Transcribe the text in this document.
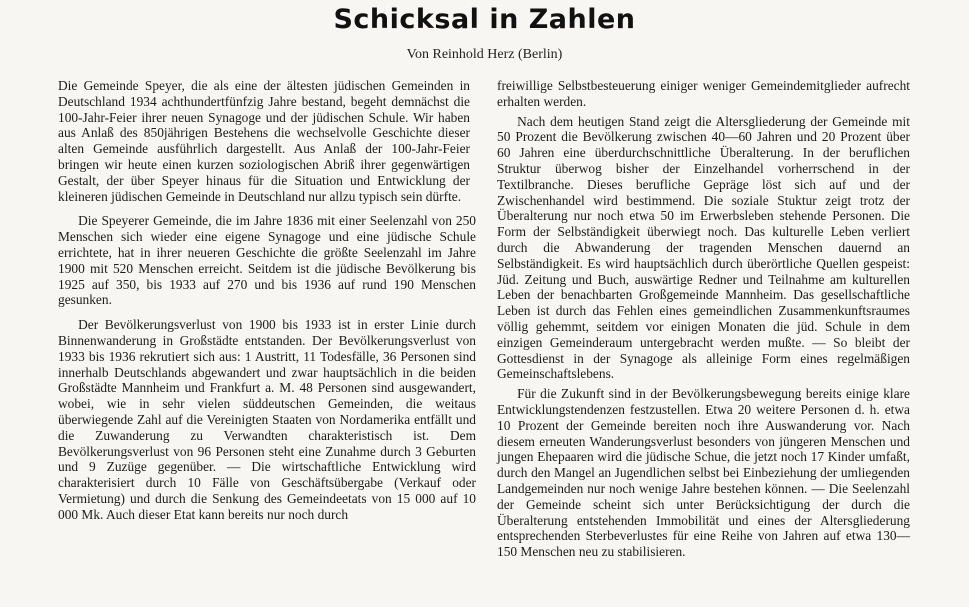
Schicksal in Zahlen
Von Reinhold Herz (Berlin)

Die Gemeinde Speyer, die als eine der ältesten jüdischen Gemeinden in Deutschland 1934 achthundertfünfzig Jahre bestand, begeht demnächst die 100-Jahr-Feier ihrer neuen Synagoge und der jüdischen Schule. Wir haben aus Anlaß des 850jährigen Bestehens die wechselvolle Geschichte dieser alten Gemeinde ausführlich dargestellt. Aus Anlaß der 100-Jahr-Feier bringen wir heute einen kurzen soziologischen Abriß ihrer gegenwärtigen Gestalt, der über Speyer hinaus für die Situation und Entwicklung der kleineren jüdischen Gemeinde in Deutschland nur allzu typisch sein dürfte.

Die Speyerer Gemeinde, die im Jahre 1836 mit einer Seelenzahl von 250 Menschen sich wieder eine eigene Synagoge und eine jüdische Schule errichtete, hat in ihrer neueren Geschichte die größte Seelenzahl im Jahre 1900 mit 520 Menschen erreicht. Seitdem ist die jüdische Bevölkerung bis 1925 auf 350, bis 1933 auf 270 und bis 1936 auf rund 190 Menschen gesunken.

Der Bevölkerungsverlust von 1900 bis 1933 ist in erster Linie durch Binnenwanderung in Großstädte entstanden. Der Bevölkerungsverlust von 1933 bis 1936 rekrutiert sich aus: 1 Austritt, 11 Todesfälle, 36 Personen sind innerhalb Deutschlands abgewandert und zwar hauptsächlich in die beiden Großstädte Mannheim und Frankfurt a. M. 48 Personen sind ausgewandert, wobei, wie in sehr vielen süddeutschen Gemeinden, die weitaus überwiegende Zahl auf die Vereinigten Staaten von Nordamerika entfällt und die Zuwanderung zu Verwandten charakteristisch ist. Dem Bevölkerungsverlust von 96 Personen steht eine Zunahme durch 3 Geburten und 9 Zuzüge gegenüber. — Die wirtschaftliche Entwicklung wird charakterisiert durch 10 Fälle von Geschäftsübergabe (Verkauf oder Vermietung) und durch die Senkung des Gemeindeetats von 15 000 auf 10 000 Mk. Auch dieser Etat kann bereits nur noch durch

freiwillige Selbstbesteuerung einiger weniger Gemeindemitglieder aufrecht erhalten werden.

Nach dem heutigen Stand zeigt die Altersgliederung der Gemeinde mit 50 Prozent die Bevölkerung zwischen 40—60 Jahren und 20 Prozent über 60 Jahren eine überdurchschnittliche Überalterung. In der beruflichen Struktur überwog bisher der Einzelhandel vorherrschend in der Textilbranche. Dieses berufliche Gepräge löst sich auf und der Zwischenhandel wird bestimmend. Die soziale Stuktur zeigt trotz der Überalterung nur noch etwa 50 im Erwerbsleben stehende Personen. Die Form der Selbständigkeit überwiegt noch. Das kulturelle Leben verliert durch die Abwanderung der tragenden Menschen dauernd an Selbständigkeit. Es wird hauptsächlich durch überörtliche Quellen gespeist: Jüd. Zeitung und Buch, auswärtige Redner und Teilnahme am kulturellen Leben der benachbarten Großgemeinde Mannheim. Das gesellschaftliche Leben ist durch das Fehlen eines gemeindlichen Zusammenkunftsraumes völlig gehemmt, seitdem vor einigen Monaten die jüd. Schule in dem einzigen Gemeinderaum untergebracht werden mußte. — So bleibt der Gottesdienst in der Synagoge als alleinige Form eines regelmäßigen Gemeinschaftslebens.

Für die Zukunft sind in der Bevölkerungsbewegung bereits einige klare Entwicklungstendenzen festzustellen. Etwa 20 weitere Personen d. h. etwa 10 Prozent der Gemeinde bereiten noch ihre Auswanderung vor. Nach diesem erneuten Wanderungsverlust besonders von jüngeren Menschen und jungen Ehepaaren wird die jüdische Schue, die jetzt noch 17 Kinder umfaßt, durch den Mangel an Jugendlichen selbst bei Einbeziehung der umliegenden Landgemeinden nur noch wenige Jahre bestehen können. — Die Seelenzahl der Gemeinde scheint sich unter Berücksichtigung der durch die Überalterung entstehenden Immobilität und eines der Altersgliederung entsprechenden Sterbeverlustes für eine Reihe von Jahren auf etwa 130—150 Menschen neu zu stabilisieren.
